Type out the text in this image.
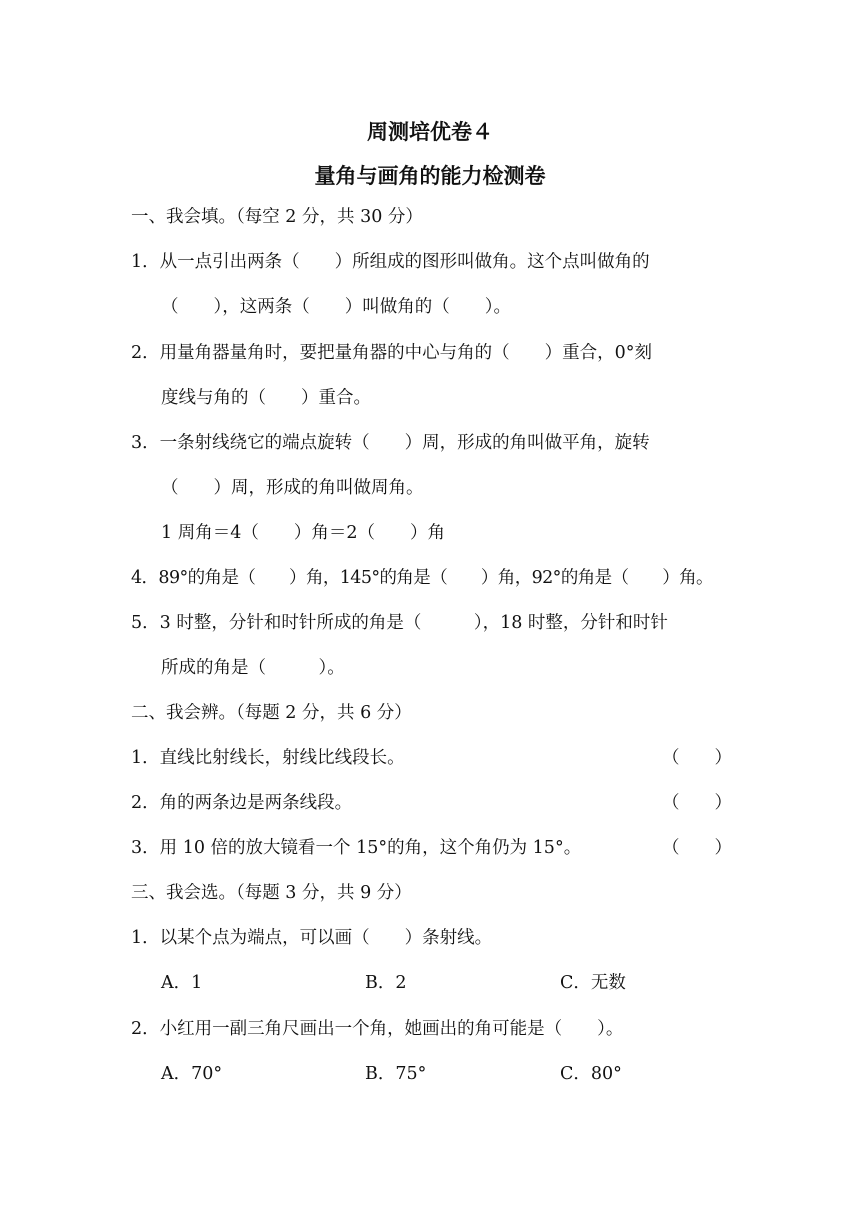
周测培优卷４
量角与画角的能力检测卷
一、我会填。（每空 2 分，共 30 分）
1．从一点引出两条（　　）所组成的图形叫做角。这个点叫做角的
（　　），这两条（　　）叫做角的（　　）。
2．用量角器量角时，要把量角器的中心与角的（　　）重合，0°刻
度线与角的（　　）重合。
3．一条射线绕它的端点旋转（　　）周，形成的角叫做平角，旋转
（　　）周，形成的角叫做周角。
1 周角＝4（　　）角＝2（　　）角
4．89°的角是（　　）角，145°的角是（　　）角，92°的角是（　　）角。
5．3 时整，分针和时针所成的角是（　　　），18 时整，分针和时针
所成的角是（　　　）。
二、我会辨。（每题 2 分，共 6 分）
1．直线比射线长，射线比线段长。	（　　）
2．角的两条边是两条线段。	（　　）
3．用 10 倍的放大镜看一个 15°的角，这个角仍为 15°。	（　　）
三、我会选。（每题 3 分，共 9 分）
1．以某个点为端点，可以画（　　）条射线。
A．1	B．2	C．无数
2．小红用一副三角尺画出一个角，她画出的角可能是（　　）。
A．70°	B．75°	C．80°
